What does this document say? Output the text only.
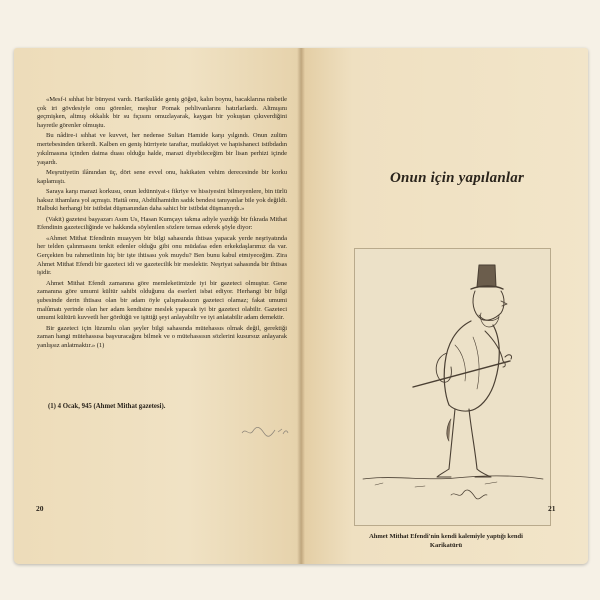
«Mesf-i sıhhat bir bünyesi vardı. Harikulâde geniş göğsü, kalın boynu, bacaklarına nisbetle çok iri gövdesiyle onu görenler, meşhur Pomak pehlivanlarını hatırlarlardı. Altmışını geçmişken, altmış okkalık bir su fıçısını omuzlayarak, kaygan bir yokuştan çıkıverdiğini hayretle görenler olmuştu.

Bu nâdire-i sıhhat ve kuvvet, her nedense Sultan Hamide karşı yılgındı. Onun zulüm mertebesinden ürkerdi. Kalben en geniş hürriyete taraftar, mutlakiyet ve hapishaneci istibdadın yıkılmasına içinden daima duası olduğu halde, marazi diyebileceğim bir lisan perhizi içinde yaşardı.

Meşrutiyetin ilânından üç, dört sene evvel onu, hakikaten vehim derecesinde bir korku kaplamıştı.

Saraya karşı marazi korkusu, onun ledünniyat-ı fikriye ve hissiyesini bilmeyenlere, bin türlü haksız ithamlara yol açmıştı. Hattâ onu, Abdülhamidin sadık bendesi tanıyanlar bile yok değildi. Halbuki herhangi bir istibdat düşmanından daha sahici bir istibdat düşmanıydı.»

(Vakit) gazetesi başyazarı Asım Us, Hasan Kumçayı takma adiyle yazdığı bir fıkrada Mithat Efendinin gazeteciliğinde ve hakkında söylenilen sözlere temas ederek şöyle diyor:

«Ahmet Mithat Efendinin muayyen bir bilgi sahasında ihtisas yapacak yerde neşriyatında her telden çalınmasını tenkit edenler olduğu gibi onu müdafaa eden erkekdaşlarımız da var. Gerçekten bu rahmetlinin hiç bir işte ihtisası yok muydu? Ben bunu kabul etmiyeceğim. Zira Ahmet Mithat Efendi bir gazeteci idi ve gazetecilik bir meslektir. Neşriyat sahasında bir ihtisas işidir.

Ahmet Mithat Efendi zamanına göre memleketimizde iyi bir gazeteci olmuştur. Gene zamanına göre umumi kültür sahibi olduğunu da eserleri isbat ediyor. Herhangi bir bilgi şubesinde derin ihtisası olan bir adam öyle çalışmaksızın gazeteci olamaz; fakat umumi malûmatı yerinde olan her adam kendisine meslek yapacak iyi bir gazeteci olabilir. Gazeteci umumi kültürü kuvvetli her gördüğü ve işittiği şeyi anlayabilir ve iyi anlatabilir adam demektir.

Bir gazeteci için lüzumlu olan şeyler bilgi sahasında mütehassıs olmak değil, gerektiği zaman hangi mütehassısa başvuracağını bilmek ve o mütehassısın sözlerini kusursuz anlayarak yanlışsız anlatmaktır.» (1)

(1) 4 Ocak, 945 (Ahmet Mithat gazetesi).
20
Onun için yapılanlar
Ahmet Mithat Efendi'nin kendi kalemiyle yaptığı kendi
Karikatürü
21
